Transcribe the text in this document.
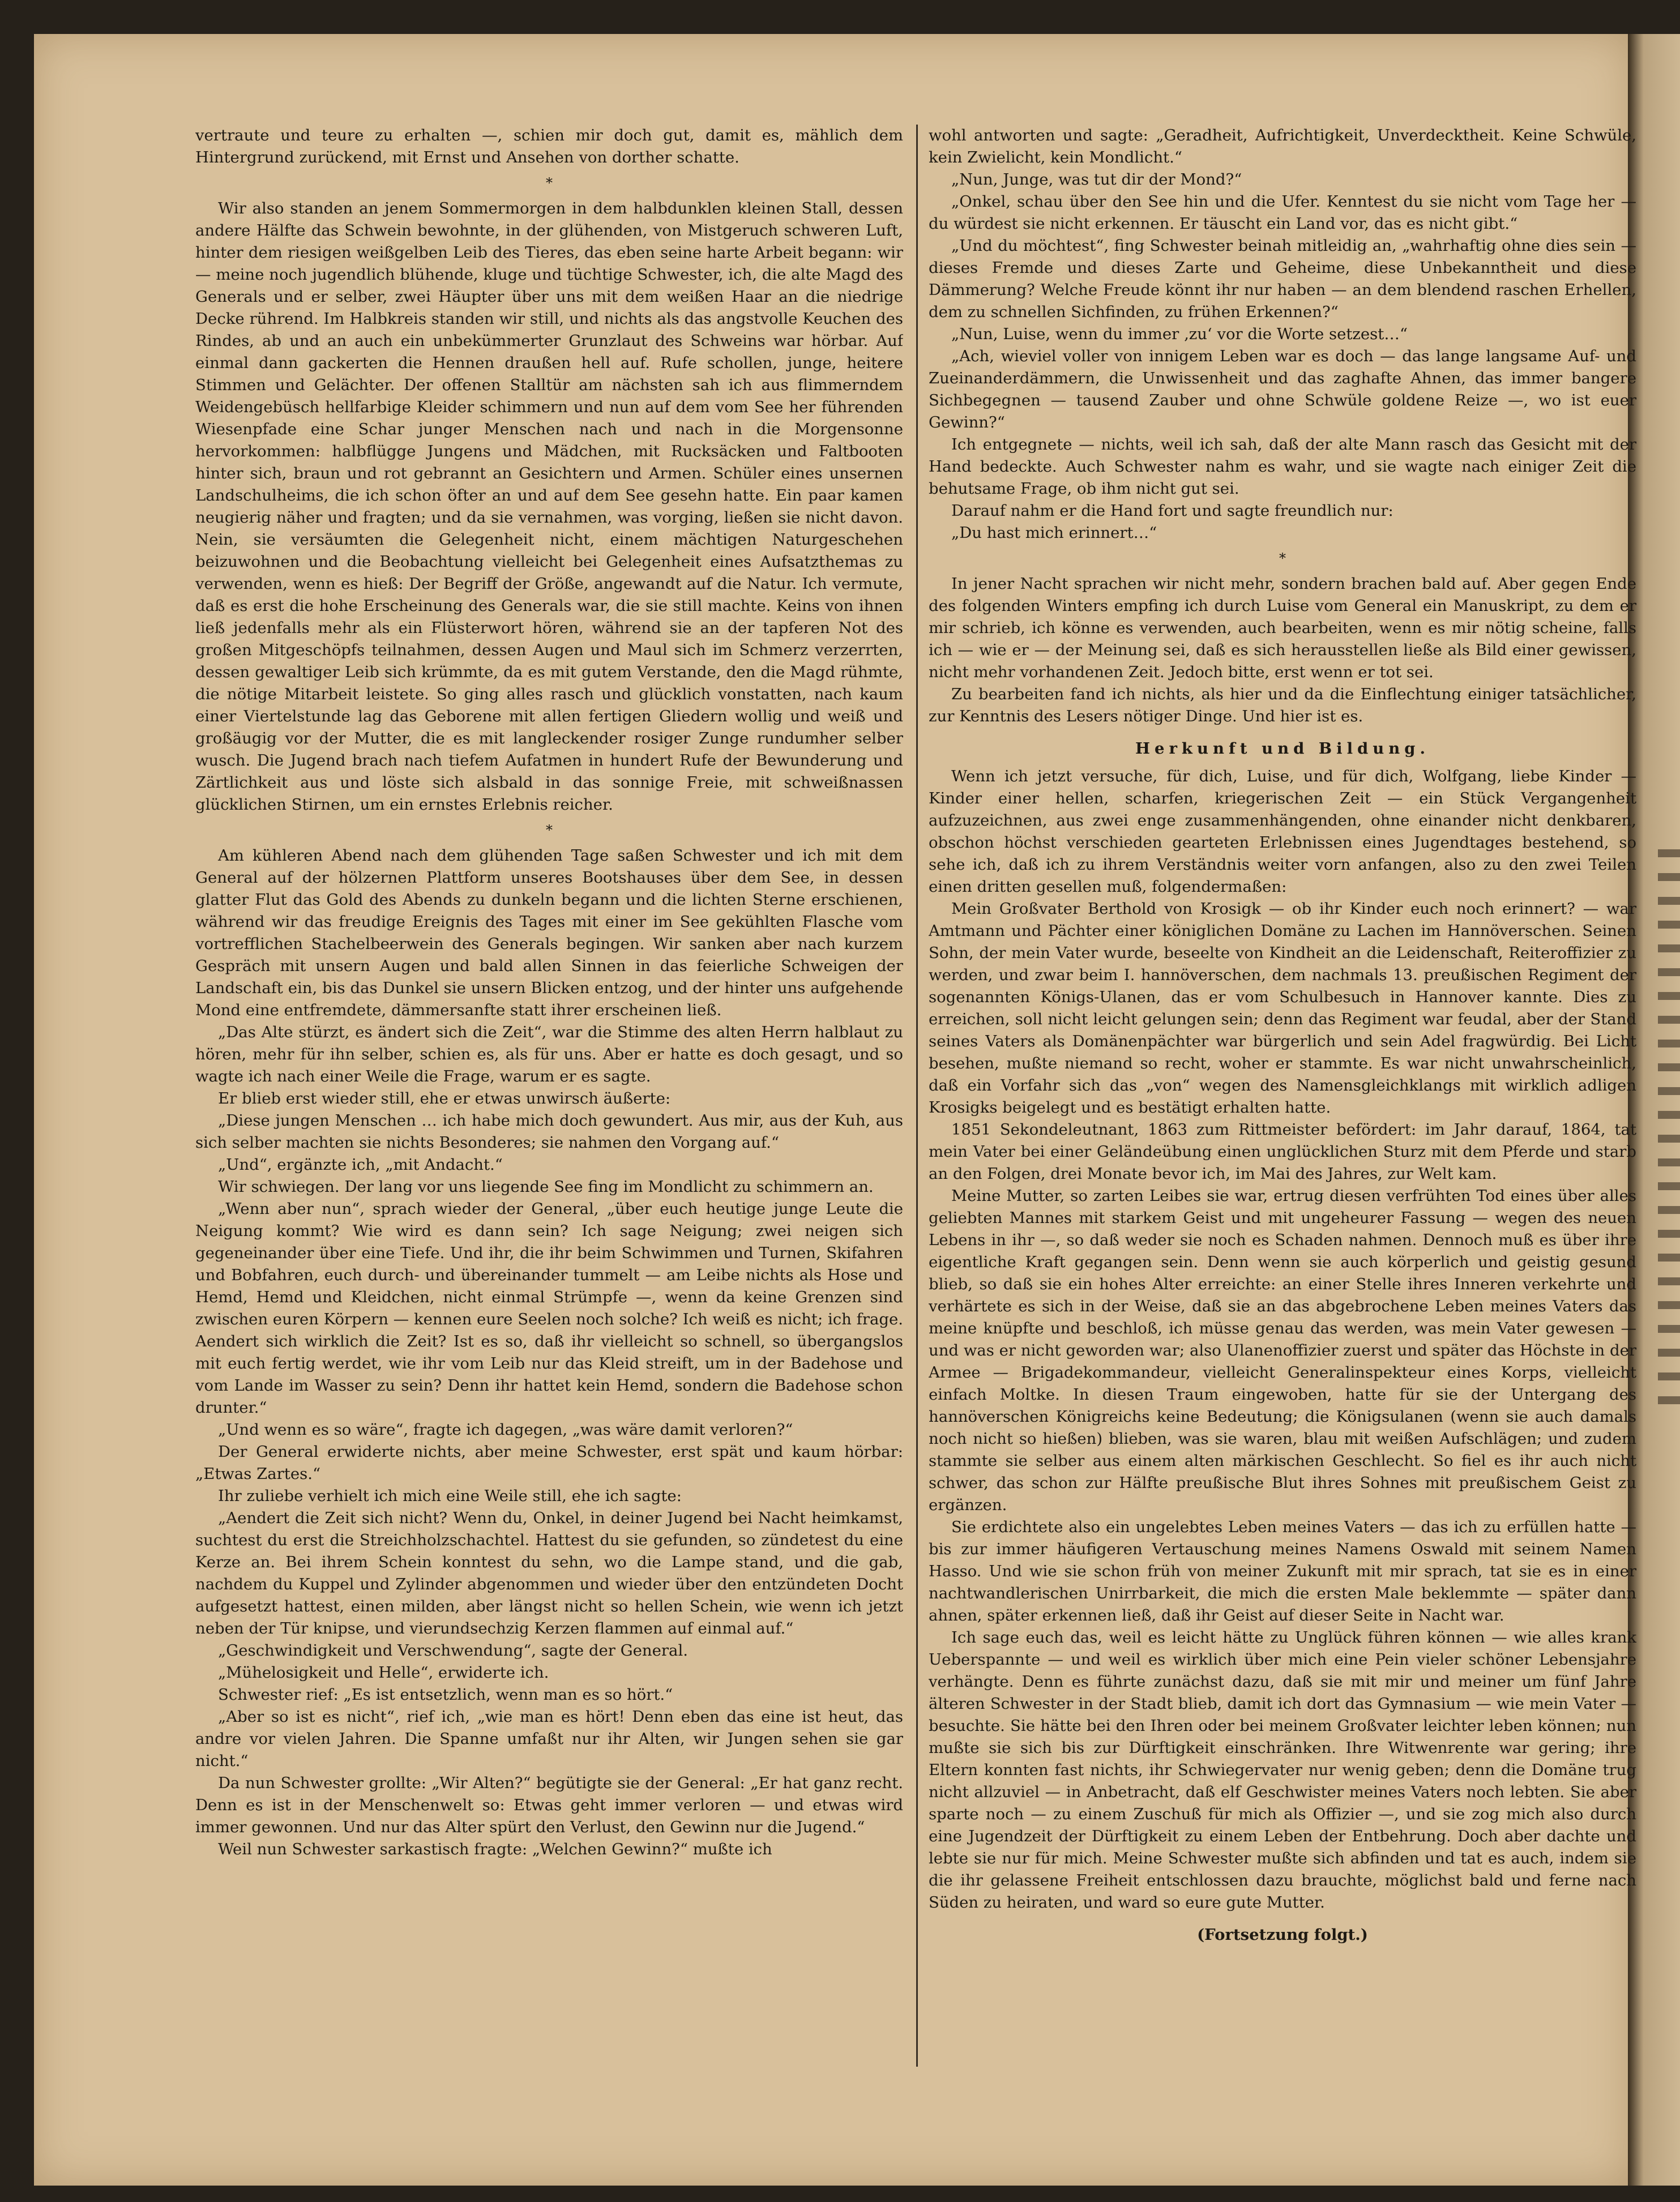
vertraute und teure zu erhalten —, schien mir doch gut, damit es, mählich dem Hintergrund zurückend, mit Ernst und Ansehen von dorther schatte.

*

Wir also standen an jenem Sommermorgen in dem halbdunklen kleinen Stall, dessen andere Hälfte das Schwein bewohnte, in der glühenden, von Mistgeruch schweren Luft, hinter dem riesigen weißgelben Leib des Tieres, das eben seine harte Arbeit begann: wir — meine noch jugendlich blühende, kluge und tüchtige Schwester, ich, die alte Magd des Generals und er selber, zwei Häupter über uns mit dem weißen Haar an die niedrige Decke rührend. Im Halbkreis standen wir still, und nichts als das angstvolle Keuchen des Rindes, ab und an auch ein unbekümmerter Grunzlaut des Schweins war hörbar. Auf einmal dann gackerten die Hennen draußen hell auf. Rufe schollen, junge, heitere Stimmen und Gelächter. Der offenen Stalltür am nächsten sah ich aus flimmerndem Weidengebüsch hellfarbige Kleider schimmern und nun auf dem vom See her führenden Wiesenpfade eine Schar junger Menschen nach und nach in die Morgensonne hervorkommen: halbflügge Jungens und Mädchen, mit Rucksäcken und Faltbooten hinter sich, braun und rot gebrannt an Gesichtern und Armen. Schüler eines unsernen Landschulheims, die ich schon öfter an und auf dem See gesehn hatte. Ein paar kamen neugierig näher und fragten; und da sie vernahmen, was vorging, ließen sie nicht davon. Nein, sie versäumten die Gelegenheit nicht, einem mächtigen Naturgeschehen beizuwohnen und die Beobachtung vielleicht bei Gelegenheit eines Aufsatzthemas zu verwenden, wenn es hieß: Der Begriff der Größe, angewandt auf die Natur. Ich vermute, daß es erst die hohe Erscheinung des Generals war, die sie still machte. Keins von ihnen ließ jedenfalls mehr als ein Flüsterwort hören, während sie an der tapferen Not des großen Mitgeschöpfs teilnahmen, dessen Augen und Maul sich im Schmerz verzerrten, dessen gewaltiger Leib sich krümmte, da es mit gutem Verstande, den die Magd rühmte, die nötige Mitarbeit leistete. So ging alles rasch und glücklich vonstatten, nach kaum einer Viertelstunde lag das Geborene mit allen fertigen Gliedern wollig und weiß und großäugig vor der Mutter, die es mit langleckender rosiger Zunge rundumher selber wusch. Die Jugend brach nach tiefem Aufatmen in hundert Rufe der Bewunderung und Zärtlichkeit aus und löste sich alsbald in das sonnige Freie, mit schweißnassen glücklichen Stirnen, um ein ernstes Erlebnis reicher.

*

Am kühleren Abend nach dem glühenden Tage saßen Schwester und ich mit dem General auf der hölzernen Plattform unseres Bootshauses über dem See, in dessen glatter Flut das Gold des Abends zu dunkeln begann und die lichten Sterne erschienen, während wir das freudige Ereignis des Tages mit einer im See gekühlten Flasche vom vortrefflichen Stachelbeerwein des Generals begingen. Wir sanken aber nach kurzem Gespräch mit unsern Augen und bald allen Sinnen in das feierliche Schweigen der Landschaft ein, bis das Dunkel sie unsern Blicken entzog, und der hinter uns aufgehende Mond eine entfremdete, dämmersanfte statt ihrer erscheinen ließ.

„Das Alte stürzt, es ändert sich die Zeit“, war die Stimme des alten Herrn halblaut zu hören, mehr für ihn selber, schien es, als für uns. Aber er hatte es doch gesagt, und so wagte ich nach einer Weile die Frage, warum er es sagte.

Er blieb erst wieder still, ehe er etwas unwirsch äußerte:

„Diese jungen Menschen … ich habe mich doch gewundert. Aus mir, aus der Kuh, aus sich selber machten sie nichts Besonderes; sie nahmen den Vorgang auf.“

„Und“, ergänzte ich, „mit Andacht.“

Wir schwiegen. Der lang vor uns liegende See fing im Mondlicht zu schimmern an.

„Wenn aber nun“, sprach wieder der General, „über euch heutige junge Leute die Neigung kommt? Wie wird es dann sein? Ich sage Neigung; zwei neigen sich gegeneinander über eine Tiefe. Und ihr, die ihr beim Schwimmen und Turnen, Skifahren und Bobfahren, euch durch- und übereinander tummelt — am Leibe nichts als Hose und Hemd, Hemd und Kleidchen, nicht einmal Strümpfe —, wenn da keine Grenzen sind zwischen euren Körpern — kennen eure Seelen noch solche? Ich weiß es nicht; ich frage. Aendert sich wirklich die Zeit? Ist es so, daß ihr vielleicht so schnell, so übergangslos mit euch fertig werdet, wie ihr vom Leib nur das Kleid streift, um in der Badehose und vom Lande im Wasser zu sein? Denn ihr hattet kein Hemd, sondern die Badehose schon drunter.“

„Und wenn es so wäre“, fragte ich dagegen, „was wäre damit verloren?“

Der General erwiderte nichts, aber meine Schwester, erst spät und kaum hörbar: „Etwas Zartes.“

Ihr zuliebe verhielt ich mich eine Weile still, ehe ich sagte:

„Aendert die Zeit sich nicht? Wenn du, Onkel, in deiner Jugend bei Nacht heimkamst, suchtest du erst die Streichholzschachtel. Hattest du sie gefunden, so zündetest du eine Kerze an. Bei ihrem Schein konntest du sehn, wo die Lampe stand, und die gab, nachdem du Kuppel und Zylinder abgenommen und wieder über den entzündeten Docht aufgesetzt hattest, einen milden, aber längst nicht so hellen Schein, wie wenn ich jetzt neben der Tür knipse, und vierundsechzig Kerzen flammen auf einmal auf.“

„Geschwindigkeit und Verschwendung“, sagte der General.

„Mühelosigkeit und Helle“, erwiderte ich.

Schwester rief: „Es ist entsetzlich, wenn man es so hört.“

„Aber so ist es nicht“, rief ich, „wie man es hört! Denn eben das eine ist heut, das andre vor vielen Jahren. Die Spanne umfaßt nur ihr Alten, wir Jungen sehen sie gar nicht.“

Da nun Schwester grollte: „Wir Alten?“ begütigte sie der General: „Er hat ganz recht. Denn es ist in der Menschenwelt so: Etwas geht immer verloren — und etwas wird immer gewonnen. Und nur das Alter spürt den Verlust, den Gewinn nur die Jugend.“

Weil nun Schwester sarkastisch fragte: „Welchen Gewinn?“ mußte ich

wohl antworten und sagte: „Geradheit, Aufrichtigkeit, Unverdecktheit. Keine Schwüle, kein Zwielicht, kein Mondlicht.“

„Nun, Junge, was tut dir der Mond?“

„Onkel, schau über den See hin und die Ufer. Kenntest du sie nicht vom Tage her — du würdest sie nicht erkennen. Er täuscht ein Land vor, das es nicht gibt.“

„Und du möchtest“, fing Schwester beinah mitleidig an, „wahrhaftig ohne dies sein — dieses Fremde und dieses Zarte und Geheime, diese Unbekanntheit und diese Dämmerung? Welche Freude könnt ihr nur haben — an dem blendend raschen Erhellen, dem zu schnellen Sichfinden, zu frühen Erkennen?“

„Nun, Luise, wenn du immer ‚zu‘ vor die Worte setzest…“

„Ach, wieviel voller von innigem Leben war es doch — das lange langsame Auf- und Zueinanderdämmern, die Unwissenheit und das zaghafte Ahnen, das immer bangere Sichbegegnen — tausend Zauber und ohne Schwüle goldene Reize —, wo ist euer Gewinn?“

Ich entgegnete — nichts, weil ich sah, daß der alte Mann rasch das Gesicht mit der Hand bedeckte. Auch Schwester nahm es wahr, und sie wagte nach einiger Zeit die behutsame Frage, ob ihm nicht gut sei.

Darauf nahm er die Hand fort und sagte freundlich nur:

„Du hast mich erinnert…“

*

In jener Nacht sprachen wir nicht mehr, sondern brachen bald auf. Aber gegen Ende des folgenden Winters empfing ich durch Luise vom General ein Manuskript, zu dem er mir schrieb, ich könne es verwenden, auch bearbeiten, wenn es mir nötig scheine, falls ich — wie er — der Meinung sei, daß es sich herausstellen ließe als Bild einer gewissen, nicht mehr vorhandenen Zeit. Jedoch bitte, erst wenn er tot sei.

Zu bearbeiten fand ich nichts, als hier und da die Einflechtung einiger tatsächlicher, zur Kenntnis des Lesers nötiger Dinge. Und hier ist es.

Herkunft und Bildung.

Wenn ich jetzt versuche, für dich, Luise, und für dich, Wolfgang, liebe Kinder — Kinder einer hellen, scharfen, kriegerischen Zeit — ein Stück Vergangenheit aufzuzeichnen, aus zwei enge zusammenhängenden, ohne einander nicht denkbaren, obschon höchst verschieden gearteten Erlebnissen eines Jugendtages bestehend, so sehe ich, daß ich zu ihrem Verständnis weiter vorn anfangen, also zu den zwei Teilen einen dritten gesellen muß, folgendermaßen:

Mein Großvater Berthold von Krosigk — ob ihr Kinder euch noch erinnert? — war Amtmann und Pächter einer königlichen Domäne zu Lachen im Hannöverschen. Seinen Sohn, der mein Vater wurde, beseelte von Kindheit an die Leidenschaft, Reiteroffizier zu werden, und zwar beim I. hannöverschen, dem nachmals 13. preußischen Regiment der sogenannten Königs-Ulanen, das er vom Schulbesuch in Hannover kannte. Dies zu erreichen, soll nicht leicht gelungen sein; denn das Regiment war feudal, aber der Stand seines Vaters als Domänenpächter war bürgerlich und sein Adel fragwürdig. Bei Licht besehen, mußte niemand so recht, woher er stammte. Es war nicht unwahrscheinlich, daß ein Vorfahr sich das „von“ wegen des Namensgleichklangs mit wirklich adligen Krosigks beigelegt und es bestätigt erhalten hatte.

1851 Sekondeleutnant, 1863 zum Rittmeister befördert: im Jahr darauf, 1864, tat mein Vater bei einer Geländeübung einen unglücklichen Sturz mit dem Pferde und starb an den Folgen, drei Monate bevor ich, im Mai des Jahres, zur Welt kam.

Meine Mutter, so zarten Leibes sie war, ertrug diesen verfrühten Tod eines über alles geliebten Mannes mit starkem Geist und mit ungeheurer Fassung — wegen des neuen Lebens in ihr —, so daß weder sie noch es Schaden nahmen. Dennoch muß es über ihre eigentliche Kraft gegangen sein. Denn wenn sie auch körperlich und geistig gesund blieb, so daß sie ein hohes Alter erreichte: an einer Stelle ihres Inneren verkehrte und verhärtete es sich in der Weise, daß sie an das abgebrochene Leben meines Vaters das meine knüpfte und beschloß, ich müsse genau das werden, was mein Vater gewesen — und was er nicht geworden war; also Ulanenoffizier zuerst und später das Höchste in der Armee — Brigadekommandeur, vielleicht Generalinspekteur eines Korps, vielleicht einfach Moltke. In diesen Traum eingewoben, hatte für sie der Untergang des hannöverschen Königreichs keine Bedeutung; die Königsulanen (wenn sie auch damals noch nicht so hießen) blieben, was sie waren, blau mit weißen Aufschlägen; und zudem stammte sie selber aus einem alten märkischen Geschlecht. So fiel es ihr auch nicht schwer, das schon zur Hälfte preußische Blut ihres Sohnes mit preußischem Geist zu ergänzen.

Sie erdichtete also ein ungelebtes Leben meines Vaters — das ich zu erfüllen hatte — bis zur immer häufigeren Vertauschung meines Namens Oswald mit seinem Namen Hasso. Und wie sie schon früh von meiner Zukunft mit mir sprach, tat sie es in einer nachtwandlerischen Unirrbarkeit, die mich die ersten Male beklemmte — später dann ahnen, später erkennen ließ, daß ihr Geist auf dieser Seite in Nacht war.

Ich sage euch das, weil es leicht hätte zu Unglück führen können — wie alles krank Ueberspannte — und weil es wirklich über mich eine Pein vieler schöner Lebensjahre verhängte. Denn es führte zunächst dazu, daß sie mit mir und meiner um fünf Jahre älteren Schwester in der Stadt blieb, damit ich dort das Gymnasium — wie mein Vater — besuchte. Sie hätte bei den Ihren oder bei meinem Großvater leichter leben können; nun mußte sie sich bis zur Dürftigkeit einschränken. Ihre Witwenrente war gering; ihre Eltern konnten fast nichts, ihr Schwiegervater nur wenig geben; denn die Domäne trug nicht allzuviel — in Anbetracht, daß elf Geschwister meines Vaters noch lebten. Sie aber sparte noch — zu einem Zuschuß für mich als Offizier —, und sie zog mich also durch eine Jugendzeit der Dürftigkeit zu einem Leben der Entbehrung. Doch aber dachte und lebte sie nur für mich. Meine Schwester mußte sich abfinden und tat es auch, indem sie die ihr gelassene Freiheit entschlossen dazu brauchte, möglichst bald und ferne nach Süden zu heiraten, und ward so eure gute Mutter.

(Fortsetzung folgt.)
